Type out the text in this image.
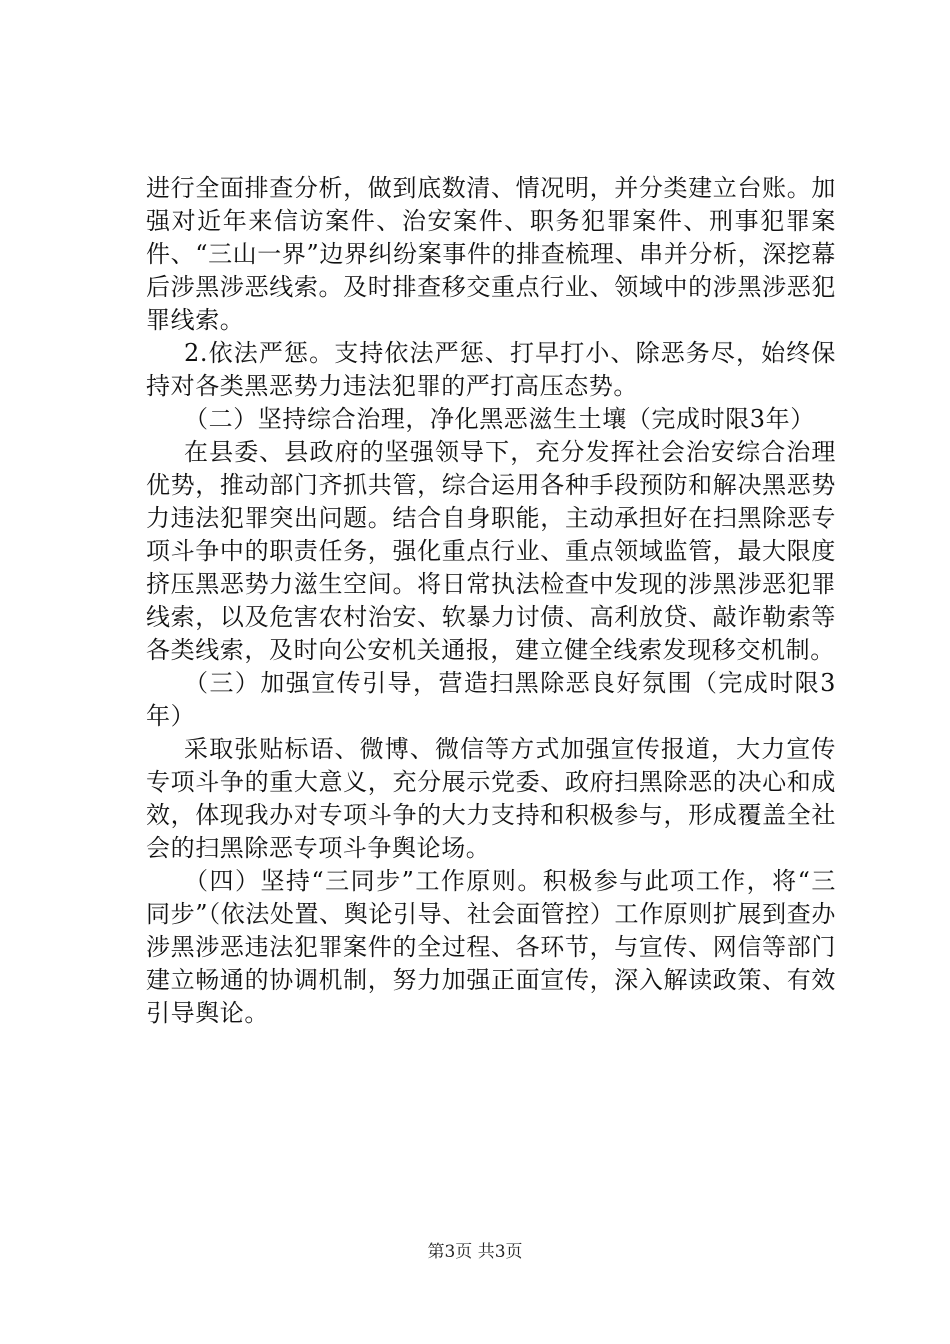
进行全面排查分析，做到底数清、情况明，并分类建立台账。加强对近年来信访案件、治安案件、职务犯罪案件、刑事犯罪案件、“三山一界”边界纠纷案事件的排查梳理、串并分析，深挖幕后涉黑涉恶线索。及时排查移交重点行业、领域中的涉黑涉恶犯罪线索。

2.依法严惩。支持依法严惩、打早打小、除恶务尽，始终保持对各类黑恶势力违法犯罪的严打高压态势。

（二）坚持综合治理，净化黑恶滋生土壤（完成时限3年）

在县委、县政府的坚强领导下，充分发挥社会治安综合治理优势，推动部门齐抓共管，综合运用各种手段预防和解决黑恶势力违法犯罪突出问题。结合自身职能，主动承担好在扫黑除恶专项斗争中的职责任务，强化重点行业、重点领域监管，最大限度挤压黑恶势力滋生空间。将日常执法检查中发现的涉黑涉恶犯罪线索，以及危害农村治安、软暴力讨债、高利放贷、敲诈勒索等各类线索，及时向公安机关通报，建立健全线索发现移交机制。

（三）加强宣传引导，营造扫黑除恶良好氛围（完成时限3年）

采取张贴标语、微博、微信等方式加强宣传报道，大力宣传专项斗争的重大意义，充分展示党委、政府扫黑除恶的决心和成效，体现我办对专项斗争的大力支持和积极参与，形成覆盖全社会的扫黑除恶专项斗争舆论场。

（四）坚持“三同步”工作原则。积极参与此项工作，将“三同步”（依法处置、舆论引导、社会面管控）工作原则扩展到查办涉黑涉恶违法犯罪案件的全过程、各环节，与宣传、网信等部门建立畅通的协调机制，努力加强正面宣传，深入解读政策、有效引导舆论。

第3页 共3页
